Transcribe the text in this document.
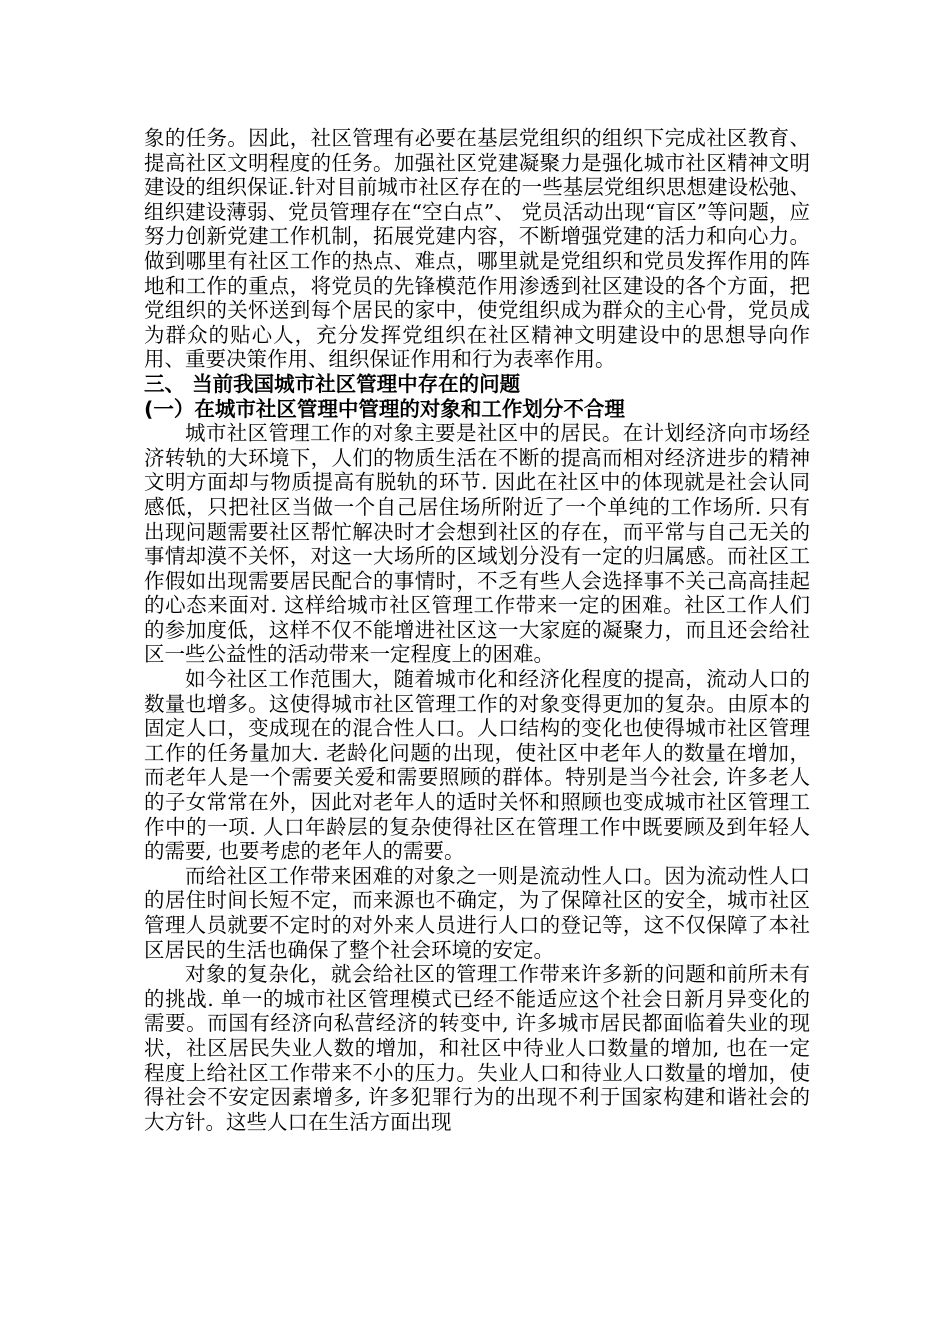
象的任务。因此，社区管理有必要在基层党组织的组织下完成社区教育、提高社区文明程度的任务。加强社区党建凝聚力是强化城市社区精神文明建设的组织保证.针对目前城市社区存在的一些基层党组织思想建设松弛、组织建设薄弱、党员管理存在“空白点”、 党员活动出现“盲区”等问题，应努力创新党建工作机制，拓展党建内容，不断增强党建的活力和向心力。做到哪里有社区工作的热点、难点，哪里就是党组织和党员发挥作用的阵地和工作的重点，将党员的先锋模范作用渗透到社区建设的各个方面，把党组织的关怀送到每个居民的家中，使党组织成为群众的主心骨，党员成为群众的贴心人，充分发挥党组织在社区精神文明建设中的思想导向作用、重要决策作用、组织保证作用和行为表率作用。

三、 当前我国城市社区管理中存在的问题

(一）在城市社区管理中管理的对象和工作划分不合理

城市社区管理工作的对象主要是社区中的居民。在计划经济向市场经济转轨的大环境下，人们的物质生活在不断的提高而相对经济进步的精神文明方面却与物质提高有脱轨的环节. 因此在社区中的体现就是社会认同感低，只把社区当做一个自己居住场所附近了一个单纯的工作场所. 只有出现问题需要社区帮忙解决时才会想到社区的存在，而平常与自己无关的事情却漠不关怀，对这一大场所的区域划分没有一定的归属感。而社区工作假如出现需要居民配合的事情时，不乏有些人会选择事不关己高高挂起的心态来面对. 这样给城市社区管理工作带来一定的困难。社区工作人们的参加度低，这样不仅不能增进社区这一大家庭的凝聚力，而且还会给社区一些公益性的活动带来一定程度上的困难。

如今社区工作范围大，随着城市化和经济化程度的提高，流动人口的数量也增多。这使得城市社区管理工作的对象变得更加的复杂。由原本的固定人口，变成现在的混合性人口。人口结构的变化也使得城市社区管理工作的任务量加大. 老龄化问题的出现，使社区中老年人的数量在增加，而老年人是一个需要关爱和需要照顾的群体。特别是当今社会, 许多老人的子女常常在外，因此对老年人的适时关怀和照顾也变成城市社区管理工作中的一项. 人口年龄层的复杂使得社区在管理工作中既要顾及到年轻人的需要, 也要考虑的老年人的需要。

而给社区工作带来困难的对象之一则是流动性人口。因为流动性人口的居住时间长短不定，而来源也不确定，为了保障社区的安全，城市社区管理人员就要不定时的对外来人员进行人口的登记等，这不仅保障了本社区居民的生活也确保了整个社会环境的安定。

对象的复杂化，就会给社区的管理工作带来许多新的问题和前所未有的挑战. 单一的城市社区管理模式已经不能适应这个社会日新月异变化的需要。而国有经济向私营经济的转变中, 许多城市居民都面临着失业的现状，社区居民失业人数的增加，和社区中待业人口数量的增加, 也在一定程度上给社区工作带来不小的压力。失业人口和待业人口数量的增加，使得社会不安定因素增多, 许多犯罪行为的出现不利于国家构建和谐社会的大方针。这些人口在生活方面出现
